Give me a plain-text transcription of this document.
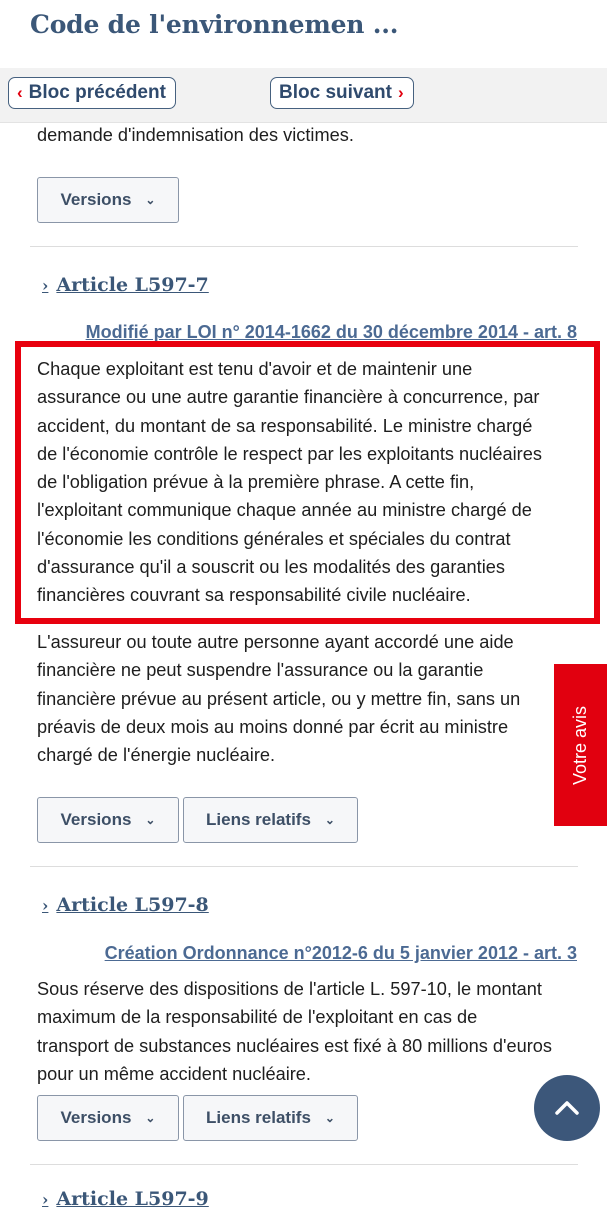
Code de l'environnemen ...
‹ Bloc précédent	Bloc suivant ›

demande d'indemnisation des victimes.

Versions ⌄
› Article L597-7

Modifié par LOI n° 2014-1662 du 30 décembre 2014 - art. 8

Chaque exploitant est tenu d'avoir et de maintenir une
assurance ou une autre garantie financière à concurrence, par
accident, du montant de sa responsabilité. Le ministre chargé
de l'économie contrôle le respect par les exploitants nucléaires
de l'obligation prévue à la première phrase. A cette fin,
l'exploitant communique chaque année au ministre chargé de
l'économie les conditions générales et spéciales du contrat
d'assurance qu'il a souscrit ou les modalités des garanties
financières couvrant sa responsabilité civile nucléaire.

L'assureur ou toute autre personne ayant accordé une aide
financière ne peut suspendre l'assurance ou la garantie
financière prévue au présent article, ou y mettre fin, sans un
préavis de deux mois au moins donné par écrit au ministre
chargé de l'énergie nucléaire.

Versions ⌄	Liens relatifs ⌄
› Article L597-8

Création Ordonnance n°2012-6 du 5 janvier 2012 - art. 3

Sous réserve des dispositions de l'article L. 597-10, le montant
maximum de la responsabilité de l'exploitant en cas de
transport de substances nucléaires est fixé à 80 millions d'euros
pour un même accident nucléaire.

Versions ⌄	Liens relatifs ⌄
› Article L597-9
Votre avis
